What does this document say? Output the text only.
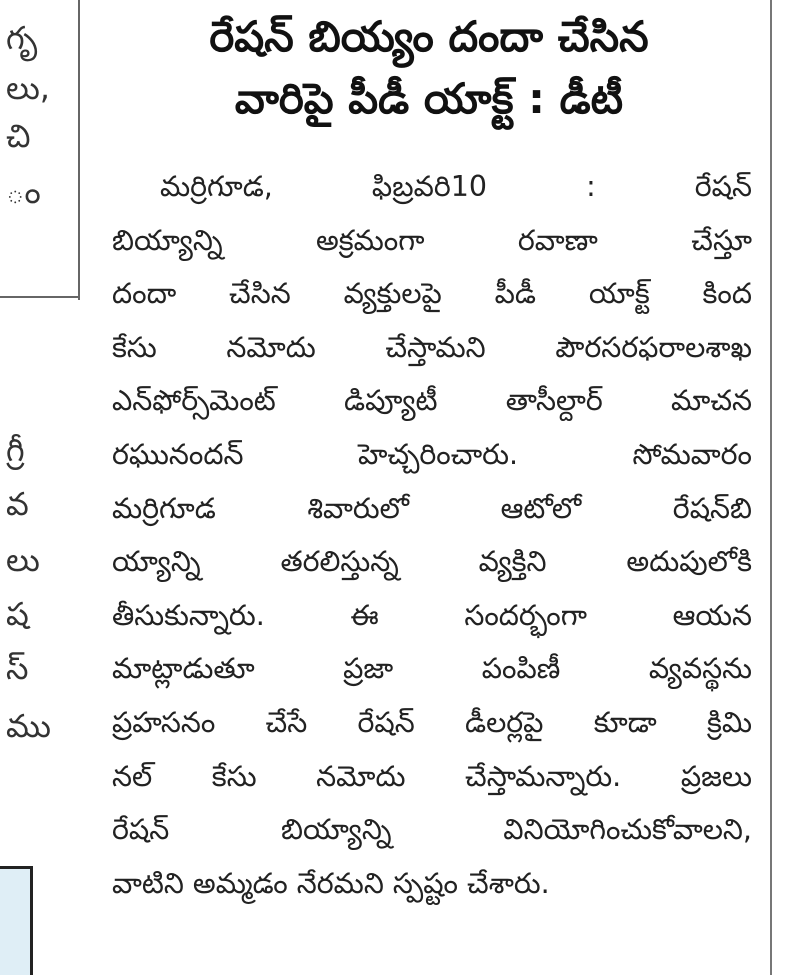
గృ
లు,
చి
ం
గ్రీ
వ
లు
ష
స్
ము
రేషన్ బియ్యం దందా చేసిన
వారిపై పీడీ యాక్ట్ : డీటీ
మర్రిగూడ, ఫిబ్రవరి10 : రేషన్
బియ్యాన్ని అక్రమంగా రవాణా చేస్తూ
దందా చేసిన వ్యక్తులపై పీడీ యాక్ట్ కింద
కేసు నమోదు చేస్తామని పౌరసరఫరాలశాఖ
ఎన్‌ఫోర్స్‌మెంట్ డిప్యూటీ తాసీల్దార్ మాచన
రఘునందన్ హెచ్చరించారు. సోమవారం
మర్రిగూడ శివారులో ఆటోలో రేషన్‌బి
య్యాన్ని తరలిస్తున్న వ్యక్తిని అదుపులోకి
తీసుకున్నారు. ఈ సందర్భంగా ఆయన
మాట్లాడుతూ ప్రజా పంపిణీ వ్యవస్థను
ప్రహసనం చేసే రేషన్ డీలర్లపై కూడా క్రిమి
నల్ కేసు నమోదు చేస్తామన్నారు. ప్రజలు
రేషన్ బియ్యాన్ని వినియోగించుకోవాలని,
వాటిని అమ్మడం నేరమని స్పష్టం చేశారు.
